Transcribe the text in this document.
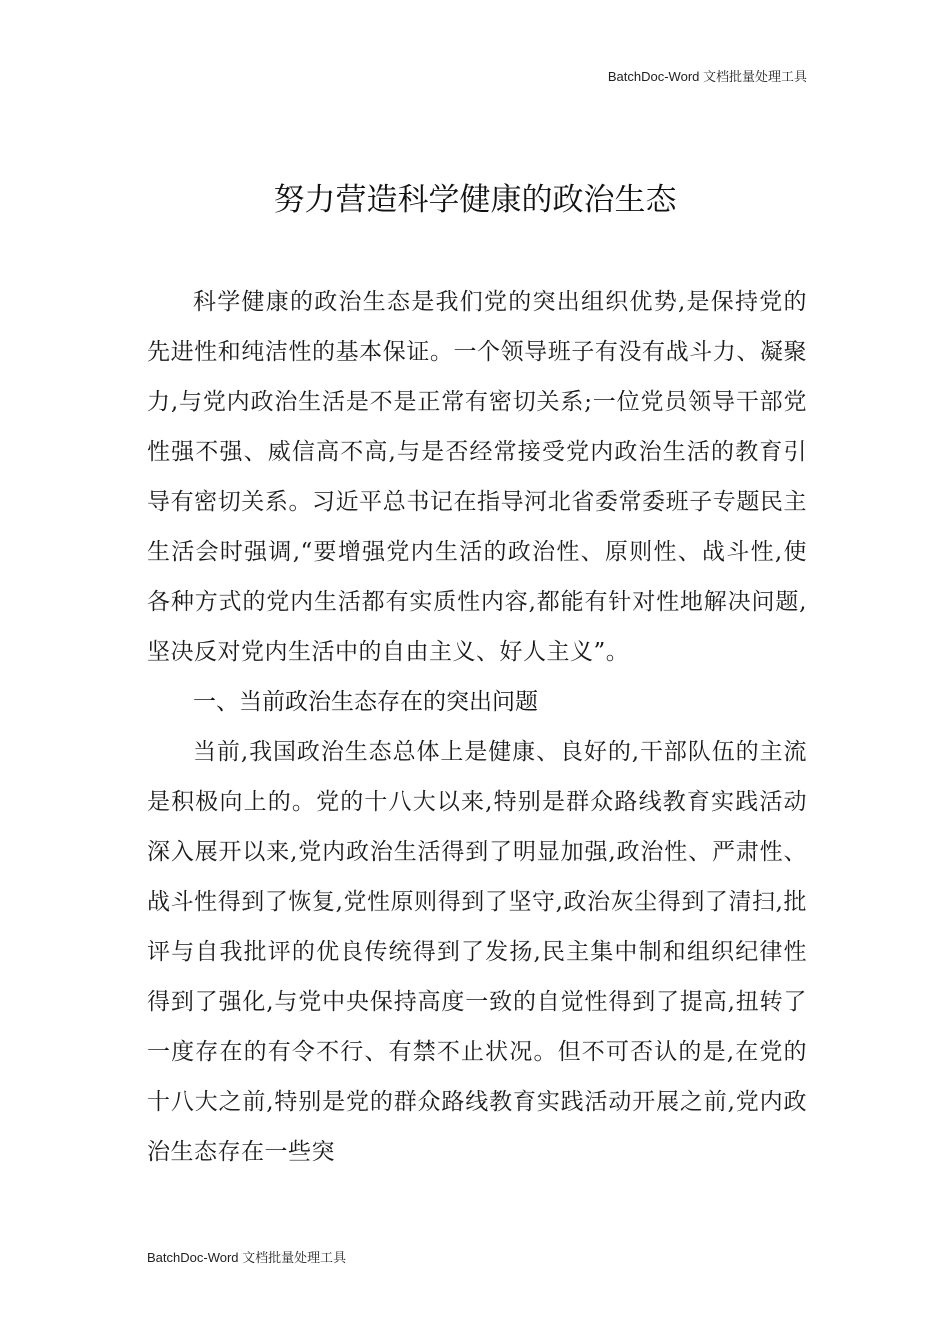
BatchDoc-Word 文档批量处理工具
努力营造科学健康的政治生态

科学健康的政治生态是我们党的突出组织优势,是保持党的先进性和纯洁性的基本保证。一个领导班子有没有战斗力、凝聚力,与党内政治生活是不是正常有密切关系;一位党员领导干部党性强不强、威信高不高,与是否经常接受党内政治生活的教育引导有密切关系。习近平总书记在指导河北省委常委班子专题民主生活会时强调,“要增强党内生活的政治性、原则性、战斗性,使各种方式的党内生活都有实质性内容,都能有针对性地解决问题,坚决反对党内生活中的自由主义、好人主义”。

一、当前政治生态存在的突出问题

当前,我国政治生态总体上是健康、良好的,干部队伍的主流是积极向上的。党的十八大以来,特别是群众路线教育实践活动深入展开以来,党内政治生活得到了明显加强,政治性、严肃性、战斗性得到了恢复,党性原则得到了坚守,政治灰尘得到了清扫,批评与自我批评的优良传统得到了发扬,民主集中制和组织纪律性得到了强化,与党中央保持高度一致的自觉性得到了提高,扭转了一度存在的有令不行、有禁不止状况。但不可否认的是,在党的十八大之前,特别是党的群众路线教育实践活动开展之前,党内政治生态存在一些突

BatchDoc-Word 文档批量处理工具
